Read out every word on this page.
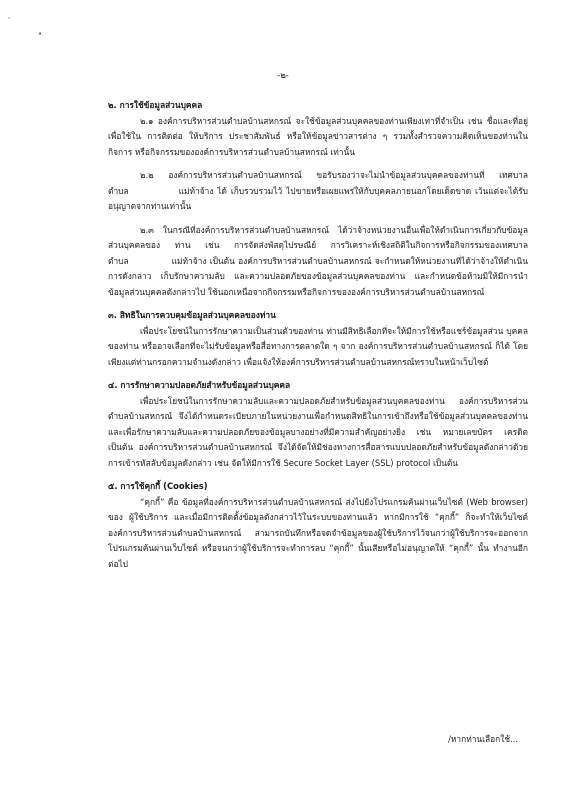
'
•
-๒-

๒. การใช้ข้อมูลส่วนบุคคล

๒.๑ องค์การบริหารส่วนตำบลบ้านสหกรณ์ จะใช้ข้อมูลส่วนบุคคลของท่านเพียงเท่าที่จำเป็น เช่น ชื่อและที่อยู่ เพื่อใช้ใน การติดต่อ ให้บริการ ประชาสัมพันธ์ หรือให้ข้อมูลข่าวสารต่าง ๆ รวมทั้งสำรวจความคิดเห็นของท่านในกิจการ หรือกิจกรรมขององค์การบริหารส่วนตำบลบ้านสหกรณ์ เท่านั้น

๒.๒ องค์การบริหารส่วนตำบลบ้านสหกรณ์ ขอรับรองว่าจะไม่นำข้อมูลส่วนบุคคลของท่านที่ เทศบาลตำบล             แม่ท้าจ้าง ได้ เก็บรวบรวมไว้ ไปขายหรือเผยแพร่ให้กับบุคคลภายนอกโดยเด็ดขาด เว้นแต่จะได้รับอนุญาตจากท่านเท่านั้น

๒.๓ ในกรณีที่องค์การบริหารส่วนตำบลบ้านสหกรณ์ ได้ว่าจ้างหน่วยงานอื่นเพื่อให้ดำเนินการเกี่ยวกับข้อมูลส่วนบุคคลของ ท่าน เช่น การจัดส่งพัสดุไปรษณีย์ การวิเคราะห์เชิงสถิติในกิจการหรือกิจกรรมของเทศบาลตำบล             แม่ท้าจ้าง เป็นต้น องค์การบริหารส่วนตำบลบ้านสหกรณ์ จะกำหนดให้หน่วยงานที่ได้ว่าจ้างให้ดำเนินการดังกล่าว เก็บรักษาความลับ และความปลอดภัยของข้อมูลส่วนบุคคลของท่าน และกำหนดข้อห้ามมิให้มีการนำข้อมูลส่วนบุคคลดังกล่าวไป ใช้นอกเหนือจากกิจกรรมหรือกิจการขององค์การบริหารส่วนตำบลบ้านสหกรณ์

๓. สิทธิในการควบคุมข้อมูลส่วนบุคคลของท่าน

เพื่อประโยชน์ในการรักษาความเป็นส่วนตัวของท่าน ท่านมีสิทธิเลือกที่จะให้มีการใช้หรือแชร์ข้อมูลส่วน บุคคลของท่าน หรืออาจเลือกที่จะไม่รับข้อมูลหรือสื่อทางการตลาดใด ๆ จาก องค์การบริหารส่วนตำบลบ้านสหกรณ์ ก็ได้ โดยเพียงแต่ท่านกรอกความจำนงดังกล่าว เพื่อแจ้งให้องค์การบริหารส่วนตำบลบ้านสหกรณ์ทราบในหน้าเว็บไซต์

๔. การรักษาความปลอดภัยสำหรับข้อมูลส่วนบุคคล

เพื่อประโยชน์ในการรักษาความลับและความปลอดภัยสำหรับข้อมูลส่วนบุคคลของท่าน องค์การบริหารส่วนตำบลบ้านสหกรณ์ จึงได้กำหนดระเบียบภายในหน่วยงานเพื่อกำหนดสิทธิในการเข้าถึงหรือใช้ข้อมูลส่วนบุคคลของท่าน และเพื่อรักษาความลับและความปลอดภัยของข้อมูลบางอย่างที่มีความสำคัญอย่างยิ่ง เช่น หมายเลขบัตร เครดิต เป็นต้น องค์การบริหารส่วนตำบลบ้านสหกรณ์ จึงได้จัดให้มีช่องทางการสื่อสารแบบปลอดภัยสำหรับข้อมูลดังกล่าวด้วย การเข้ารหัสลับข้อมูลดังกล่าว เช่น จัดให้มีการใช้ Secure Socket Layer (SSL) protocol เป็นต้น

๕. การใช้คุกกี้ (Cookies)

“คุกกี้” คือ ข้อมูลที่องค์การบริหารส่วนตำบลบ้านสหกรณ์ ส่งไปยังโปรแกรมค้นผ่านเว็บไซต์ (Web browser) ของ ผู้ใช้บริการ และเมื่อมีการติดตั้งข้อมูลดังกล่าวไว้ในระบบของท่านแล้ว หากมีการใช้ “คุกกี้” ก็จะทำให้เว็บไซต์ องค์การบริหารส่วนตำบลบ้านสหกรณ์ สามารถบันทึกหรือจดจำข้อมูลของผู้ใช้บริการไว้จนกว่าผู้ใช้บริการจะออกจาก โปรแกรมค้นผ่านเว็บไซต์ หรือจนกว่าผู้ใช้บริการจะทำการลบ “คุกกี้” นั้นเสียหรือไม่อนุญาตให้ “คุกกี้” นั้น ทำงานอีกต่อไป

/หากท่านเลือกใช้...
